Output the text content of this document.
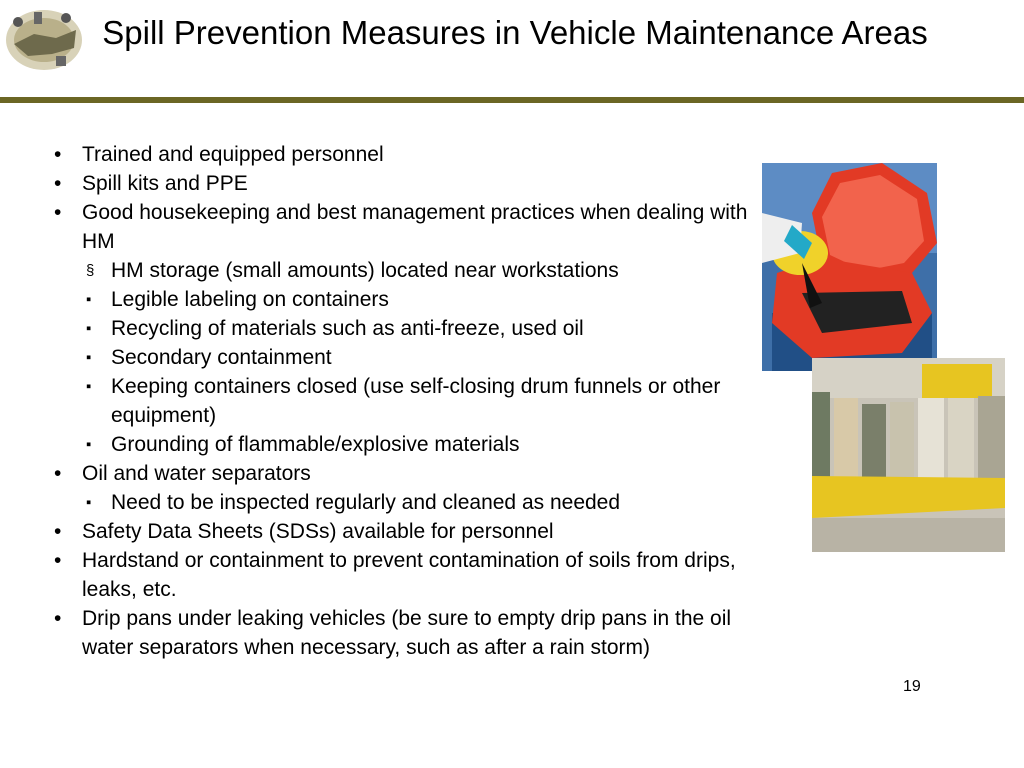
Spill Prevention Measures in Vehicle Maintenance Areas
• Trained and equipped personnel
• Spill kits and PPE
• Good housekeeping and best management practices when dealing with HM
§ HM storage (small amounts) located near workstations
▪ Legible labeling on containers
▪ Recycling of materials such as anti-freeze, used oil
▪ Secondary containment
▪ Keeping containers closed (use self-closing drum funnels or other equipment)
▪ Grounding of flammable/explosive materials
• Oil and water separators
▪ Need to be inspected regularly and cleaned as needed
• Safety Data Sheets (SDSs) available for personnel
• Hardstand or containment to prevent contamination of soils from drips, leaks, etc.
• Drip pans under leaking vehicles (be sure to empty drip pans in the oil water separators when necessary, such as after a rain storm)
19
